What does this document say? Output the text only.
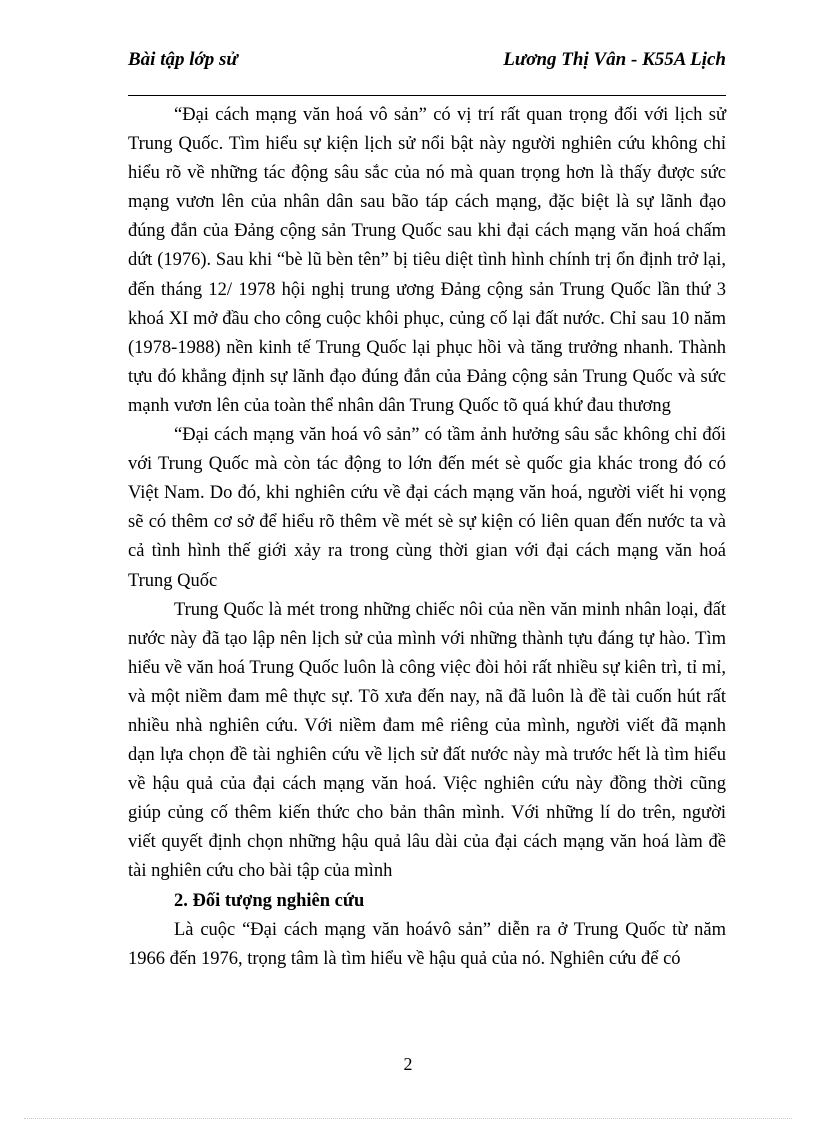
Bài tập lớp sử	Lương Thị Vân - K55A Lịch

“Đại cách mạng văn hoá vô sản” có vị trí rất quan trọng đối với lịch sử Trung Quốc. Tìm hiểu sự kiện lịch sử nổi bật này người nghiên cứu không chỉ hiểu rõ về những tác động sâu sắc của nó mà quan trọng hơn là thấy được sức mạng vươn lên của nhân dân sau bão táp cách mạng, đặc biệt là sự lãnh đạo đúng đắn của Đảng cộng sản Trung Quốc sau khi đại cách mạng văn hoá chấm dứt (1976). Sau khi “bè lũ bèn tên” bị tiêu diệt tình hình chính trị ổn định trở lại, đến tháng 12/ 1978 hội nghị trung ương Đảng cộng sản Trung Quốc lần thứ 3 khoá XI mở đầu cho công cuộc khôi phục, củng cố lại đất nước. Chỉ sau 10 năm (1978-1988) nền kinh tế Trung Quốc lại phục hồi và tăng trưởng nhanh. Thành tựu đó khẳng định sự lãnh đạo đúng đắn của Đảng cộng sản Trung Quốc và sức mạnh vươn lên của toàn thể nhân dân Trung Quốc tõ quá khứ đau thương

“Đại cách mạng văn hoá vô sản” có tầm ảnh hưởng sâu sắc không chỉ đối với Trung Quốc mà còn tác động to lớn đến mét sè quốc gia khác trong đó có Việt Nam. Do đó, khi nghiên cứu về đại cách mạng văn hoá, người viết hi vọng sẽ có thêm cơ sở để hiểu rõ thêm về mét sè sự kiện có liên quan đến nước ta và cả tình hình thế giới xảy ra trong cùng thời gian với đại cách mạng văn hoá Trung Quốc

Trung Quốc là mét trong những chiếc nôi của nền văn minh nhân loại, đất nước này đã tạo lập nên lịch sử của mình với những thành tựu đáng tự hào. Tìm hiểu về văn hoá Trung Quốc luôn là công việc đòi hỏi rất nhiều sự kiên trì, tỉ mỉ, và một niềm đam mê thực sự. Tõ xưa đến nay, nã đã luôn là đề tài cuốn hút rất nhiều nhà nghiên cứu. Với niềm đam mê riêng của mình, người viết đã mạnh dạn lựa chọn đề tài nghiên cứu về lịch sử đất nước này mà trước hết là tìm hiểu về hậu quả của đại cách mạng văn hoá. Việc nghiên cứu này đồng thời cũng giúp củng cố thêm kiến thức cho bản thân mình. Với những lí do trên, người viết quyết định chọn những hậu quả lâu dài của đại cách mạng văn hoá làm đề tài nghiên cứu cho bài tập của mình

2. Đối tượng nghiên cứu

Là cuộc “Đại cách mạng văn hoávô sản” diễn ra ở Trung Quốc từ năm 1966 đến 1976, trọng tâm là tìm hiểu về hậu quả của nó. Nghiên cứu để có

2
